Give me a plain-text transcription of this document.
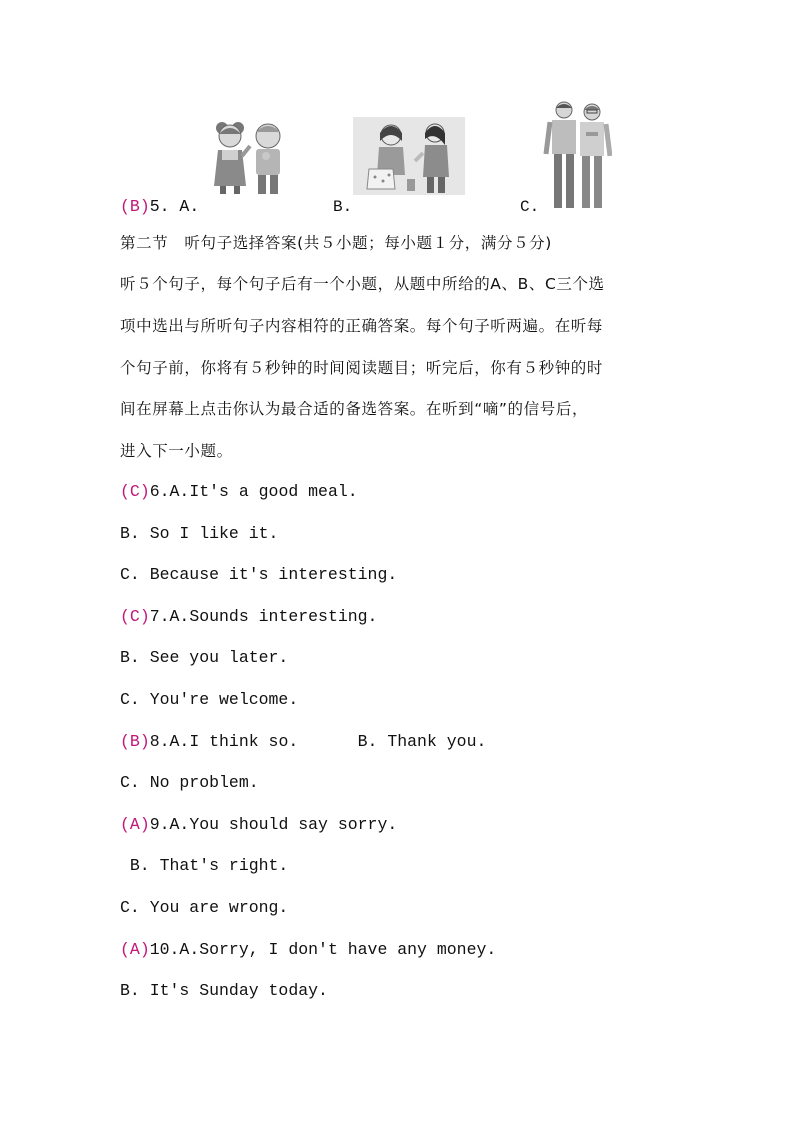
(B)5. A.	B.	C.
第二节　听句子选择答案(共５小题；每小题１分，满分５分)
听５个句子，每个句子后有一个小题，从题中所给的A、B、C三个选
项中选出与所听句子内容相符的正确答案。每个句子听两遍。在听每
个句子前，你将有５秒钟的时间阅读题目；听完后，你有５秒钟的时
间在屏幕上点击你认为最合适的备选答案。在听到“嘀”的信号后，
进入下一小题。
(C)6.A.It's a good meal.
B. So I like it.
C. Because it's interesting.
(C)7.A.Sounds interesting.
B. See you later.
C. You're welcome.
(B)8.A.I think so.      B. Thank you.
C. No problem.
(A)9.A.You should say sorry.
B. That's right.
C. You are wrong.
(A)10.A.Sorry, I don't have any money.
B. It's Sunday today.
